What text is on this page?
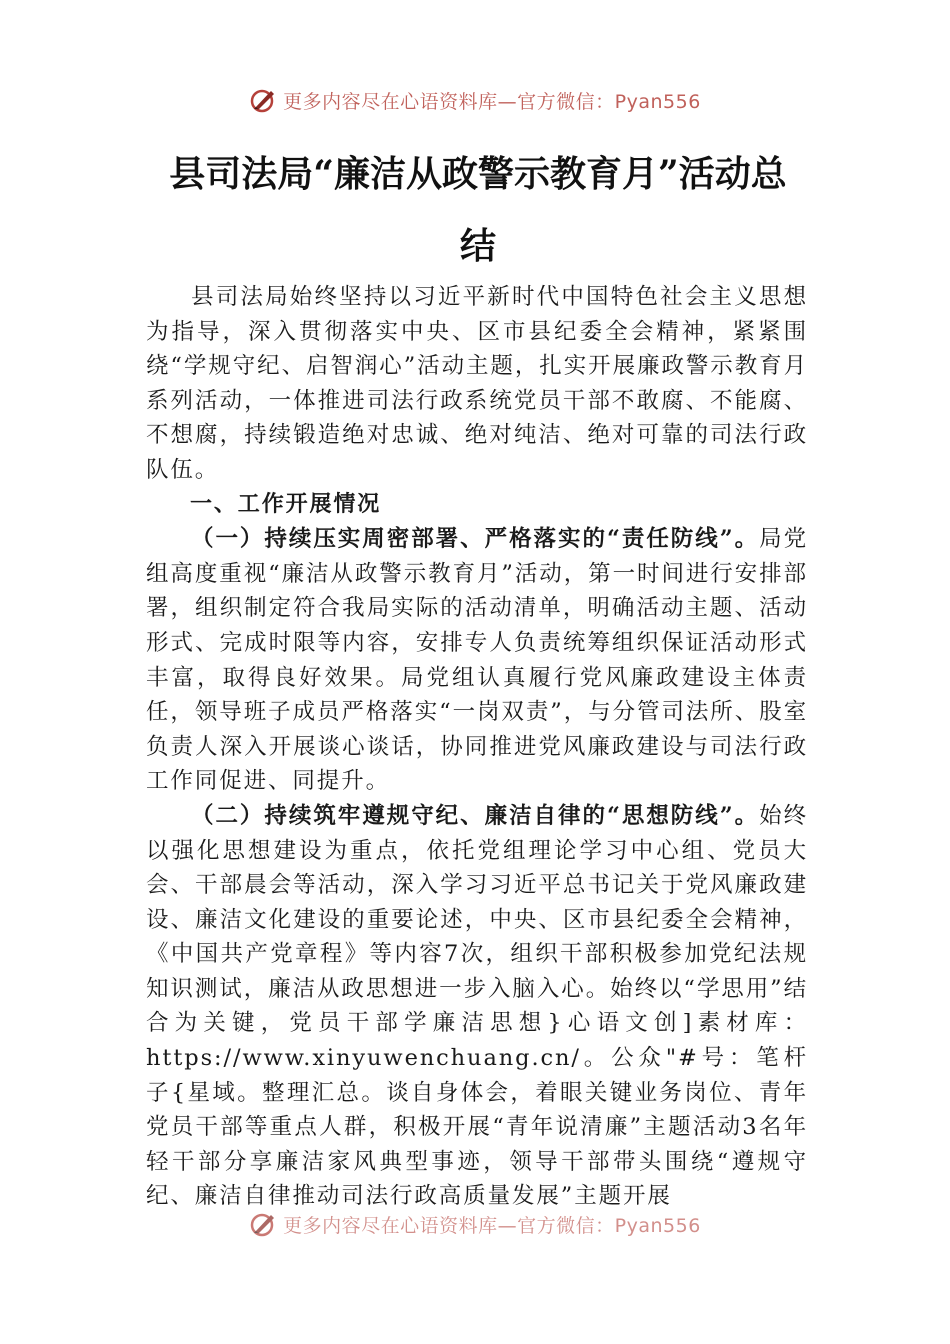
更多内容尽在心语资料库—官方微信：Pyan556
县司法局“廉洁从政警示教育月”活动总
结

县司法局始终坚持以习近平新时代中国特色社会主义思想为指导，深入贯彻落实中央、区市县纪委全会精神，紧紧围绕“学规守纪、启智润心”活动主题，扎实开展廉政警示教育月系列活动，一体推进司法行政系统党员干部不敢腐、不能腐、不想腐，持续锻造绝对忠诚、绝对纯洁、绝对可靠的司法行政队伍。

一、工作开展情况

（一）持续压实周密部署、严格落实的“责任防线”。局党组高度重视“廉洁从政警示教育月”活动，第一时间进行安排部署，组织制定符合我局实际的活动清单，明确活动主题、活动形式、完成时限等内容，安排专人负责统筹组织保证活动形式丰富，取得良好效果。局党组认真履行党风廉政建设主体责任，领导班子成员严格落实“一岗双责”，与分管司法所、股室负责人深入开展谈心谈话，协同推进党风廉政建设与司法行政工作同促进、同提升。

（二）持续筑牢遵规守纪、廉洁自律的“思想防线”。始终以强化思想建设为重点，依托党组理论学习中心组、党员大会、干部晨会等活动，深入学习习近平总书记关于党风廉政建设、廉洁文化建设的重要论述，中央、区市县纪委全会精神，《中国共产党章程》等内容7次，组织干部积极参加党纪法规知识测试，廉洁从政思想进一步入脑入心。始终以“学思用”结合为关键，党员干部学廉洁思想}心语文创]素材库：https://www.xinyuwenchuang.cn/。公众"#号：笔杆子{星域。整理汇总。谈自身体会，着眼关键业务岗位、青年党员干部等重点人群，积极开展“青年说清廉”主题活动3名年轻干部分享廉洁家风典型事迹，领导干部带头围绕“遵规守纪、廉洁自律推动司法行政高质量发展”主题开展

更多内容尽在心语资料库—官方微信：Pyan556
